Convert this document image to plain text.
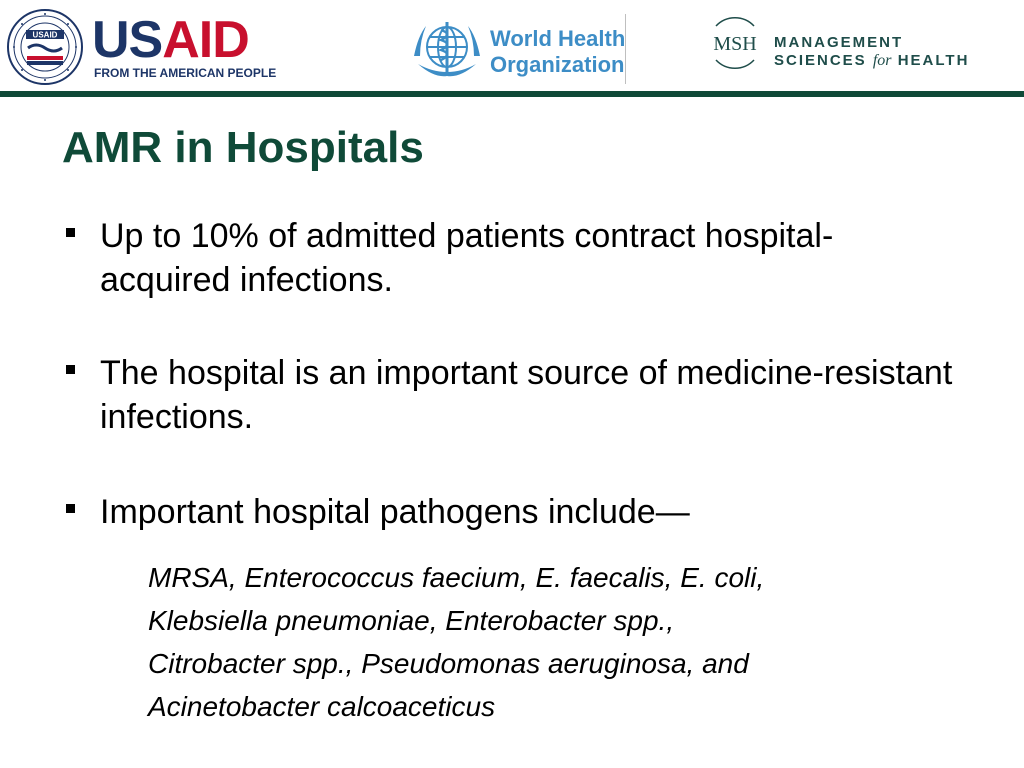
USAID USAID
FROM THE AMERICAN PEOPLE
World Health
Organization
MSH MANAGEMENT
SCIENCES for HEALTH
AMR in Hospitals
Up to 10% of admitted patients contract hospital-acquired infections.
The hospital is an important source of medicine-resistant infections.
Important hospital pathogens include—
MRSA, Enterococcus faecium, E. faecalis, E. coli,
Klebsiella pneumoniae, Enterobacter spp.,
Citrobacter spp., Pseudomonas aeruginosa, and
Acinetobacter calcoaceticus
